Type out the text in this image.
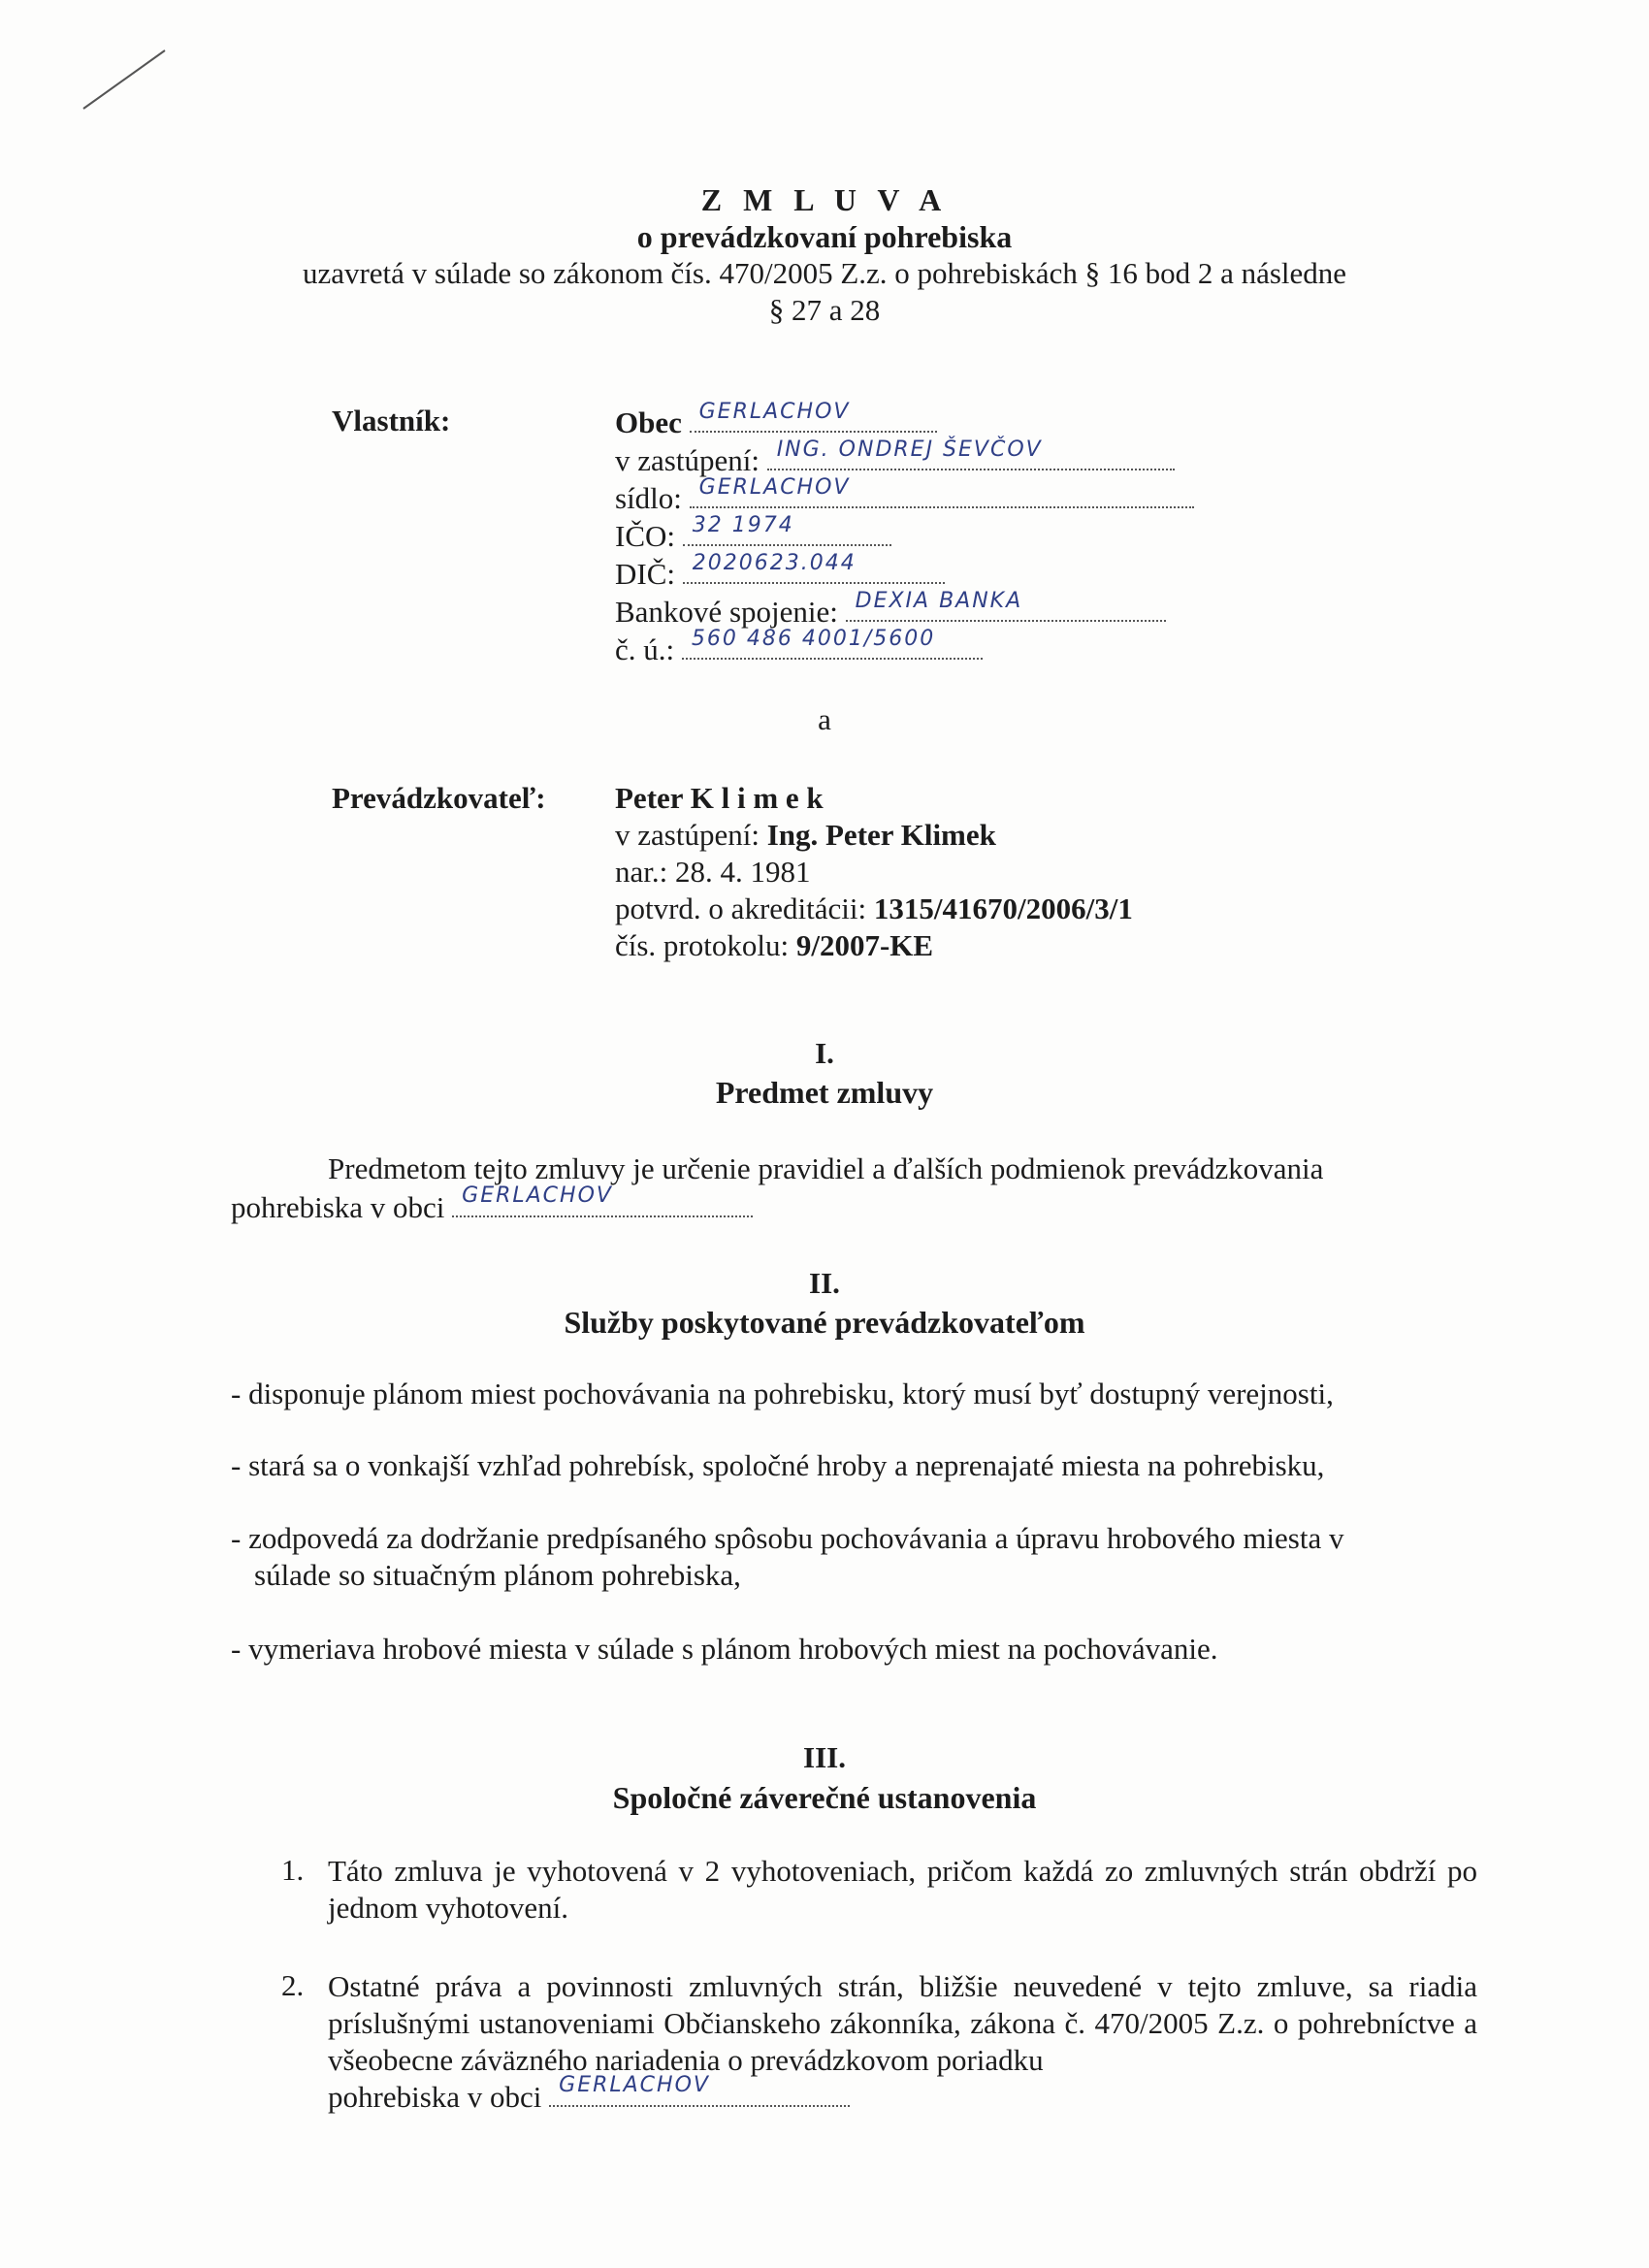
Z M L U V A
o prevádzkovaní pohrebiska
uzavretá v súlade so zákonom čís. 470/2005 Z.z. o pohrebiskách § 16 bod 2 a následne
§ 27 a 28
Vlastník:	Obec GERLACHOV
v zastúpení: ING. ONDREJ ŠEVČOV
sídlo: GERLACHOV
IČO: 32 1974
DIČ: 2020623.044
Bankové spojenie: DEXIA BANKA
č. ú.: 560 486 4001/5600
a
Prevádzkovateľ: Peter K l i m e k
v zastúpení: Ing. Peter Klimek
nar.: 28. 4. 1981
potvrd. o akreditácii: 1315/41670/2006/3/1
čís. protokolu: 9/2007-KE
I.
Predmet zmluvy
Predmetom tejto zmluvy je určenie pravidiel a ďalších podmienok prevádzkovania
pohrebiska v obci GERLACHOV
II.
Služby poskytované prevádzkovateľom
- disponuje plánom miest pochovávania na pohrebisku, ktorý musí byť dostupný verejnosti,
- stará sa o vonkajší vzhľad pohrebísk, spoločné hroby a neprenajaté miesta na pohrebisku,
- zodpovedá za dodržanie predpísaného spôsobu pochovávania a úpravu hrobového miesta v
súlade so situačným plánom pohrebiska,
- vymeriava hrobové miesta v súlade s plánom hrobových miest na pochovávanie.
III.
Spoločné záverečné ustanovenia
1. Táto zmluva je vyhotovená v 2 vyhotoveniach, pričom každá zo zmluvných strán obdrží po jednom vyhotovení.
2. Ostatné práva a povinnosti zmluvných strán, bližšie neuvedené v tejto zmluve, sa riadia príslušnými ustanoveniami Občianskeho zákonníka, zákona č. 470/2005 Z.z. o pohrebníctve a všeobecne záväzného nariadenia o prevádzkovom poriadku
pohrebiska v obci GERLACHOV
